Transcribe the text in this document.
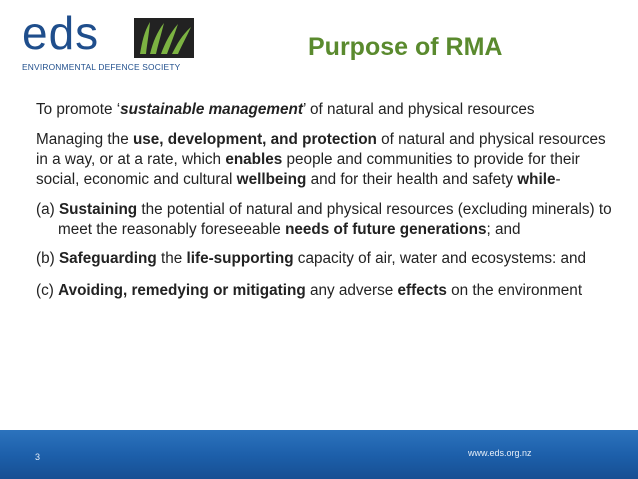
eds
ENVIRONMENTAL DEFENCE SOCIETY
Purpose of RMA
To promote ‘sustainable management’ of natural and physical resources
Managing the use, development, and protection of natural and physical resources in a way, or at a rate, which enables people and communities to provide for their social, economic and cultural wellbeing and for their health and safety while-
(a) Sustaining the potential of natural and physical resources (excluding minerals) to meet the reasonably foreseeable needs of future generations; and
(b) Safeguarding the life-supporting capacity of air, water and ecosystems: and
(c) Avoiding, remedying or mitigating any adverse effects on the environment
3	www.eds.org.nz
